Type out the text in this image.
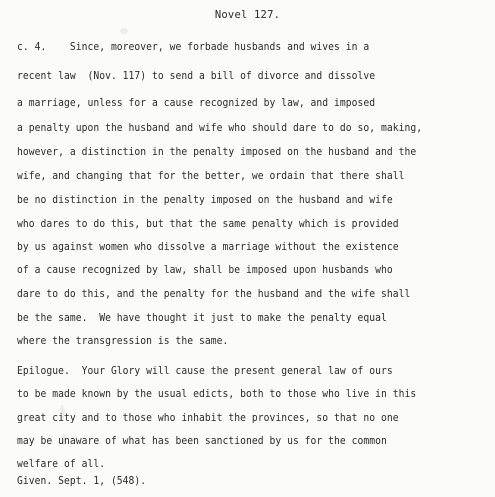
Novel 127.
c. 4.    Since, moreover, we forbade husbands and wives in a
recent law  (Nov. 117) to send a bill of divorce and dissolve
a marriage, unless for a cause recognized by law, and imposed
a penalty upon the husband and wife who should dare to do so, making,
however, a distinction in the penalty imposed on the husband and the
wife, and changing that for the better, we ordain that there shall
be no distinction in the penalty imposed on the husband and wife
who dares to do this, but that the same penalty which is provided
by us against women who dissolve a marriage without the existence
of a cause recognized by law, shall be imposed upon husbands who
dare to do this, and the penalty for the husband and the wife shall
be the same.  We have thought it just to make the penalty equal
where the transgression is the same.
Epilogue.  Your Glory will cause the present general law of ours
to be made known by the usual edicts, both to those who live in this
great city and to those who inhabit the provinces, so that no one
may be unaware of what has been sanctioned by us for the common
welfare of all.
Given. Sept. 1, (548).
